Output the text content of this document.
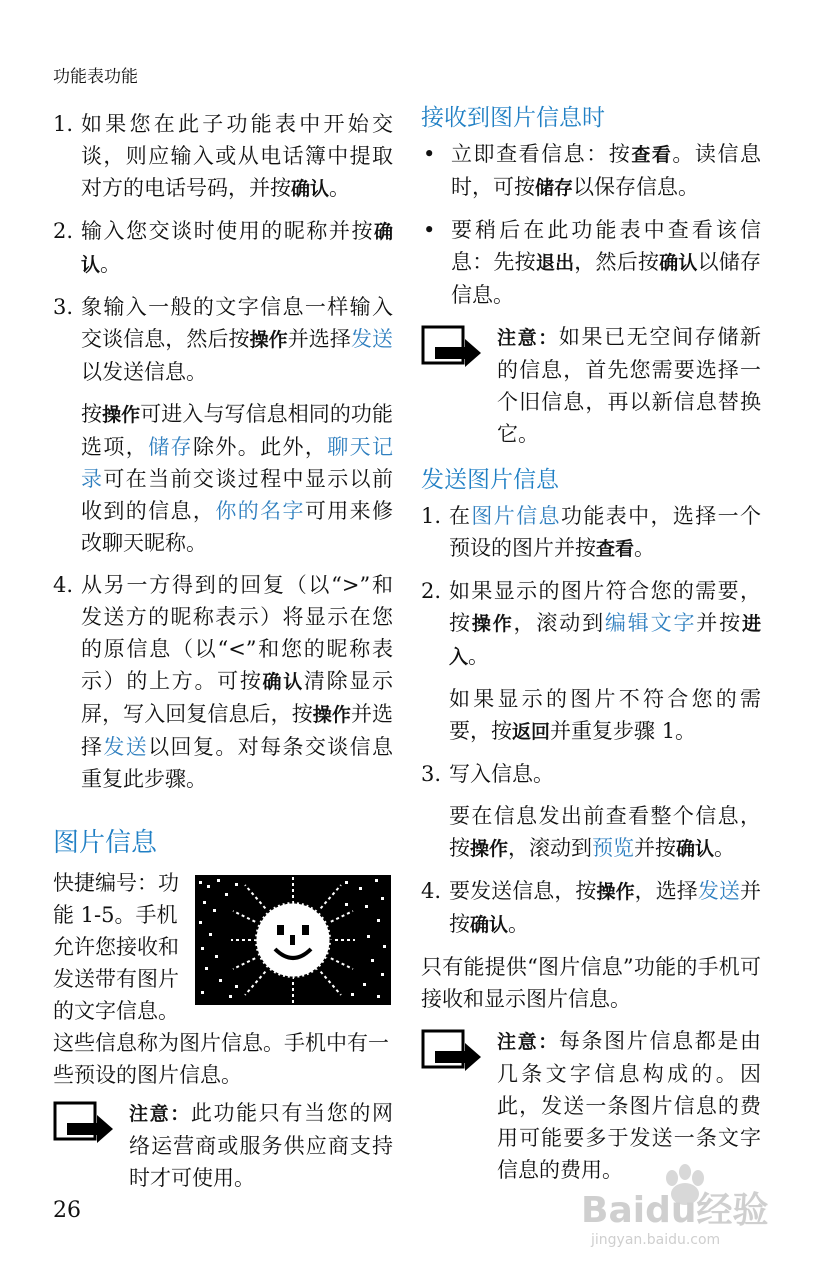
功能表功能
1. 如果您在此子功能表中开始交谈，则应输入或从电话簿中提取对方的电话号码，并按确认。
2. 输入您交谈时使用的昵称并按确认。
3. 象输入一般的文字信息一样输入交谈信息，然后按操作并选择发送以发送信息。
按操作可进入与写信息相同的功能选项，储存除外。此外，聊天记录可在当前交谈过程中显示以前收到的信息，你的名字可用来修改聊天昵称。
4. 从另一方得到的回复（以“>”和发送方的昵称表示）将显示在您的原信息（以“<”和您的昵称表示）的上方。可按确认清除显示屏，写入回复信息后，按操作并选择发送以回复。对每条交谈信息重复此步骤。
图片信息
快捷编号：功能 1-5。手机允许您接收和发送带有图片的文字信息。这些信息称为图片信息。手机中有一些预设的图片信息。
注意：此功能只有当您的网络运营商或服务供应商支持时才可使用。
接收到图片信息时
• 立即查看信息：按查看。读信息时，可按储存以保存信息。
• 要稍后在此功能表中查看该信息：先按退出，然后按确认以储存信息。
注意：如果已无空间存储新的信息，首先您需要选择一个旧信息，再以新信息替换它。
发送图片信息
1. 在图片信息功能表中，选择一个预设的图片并按查看。
2. 如果显示的图片符合您的需要，按操作，滚动到编辑文字并按进入。
如果显示的图片不符合您的需要，按返回并重复步骤 1。
3. 写入信息。
要在信息发出前查看整个信息，按操作，滚动到预览并按确认。
4. 要发送信息，按操作，选择发送并按确认。
只有能提供“图片信息”功能的手机可接收和显示图片信息。
注意：每条图片信息都是由几条文字信息构成的。因此，发送一条图片信息的费用可能要多于发送一条文字信息的费用。
26	Baidu经验
jingyan.baidu.com
